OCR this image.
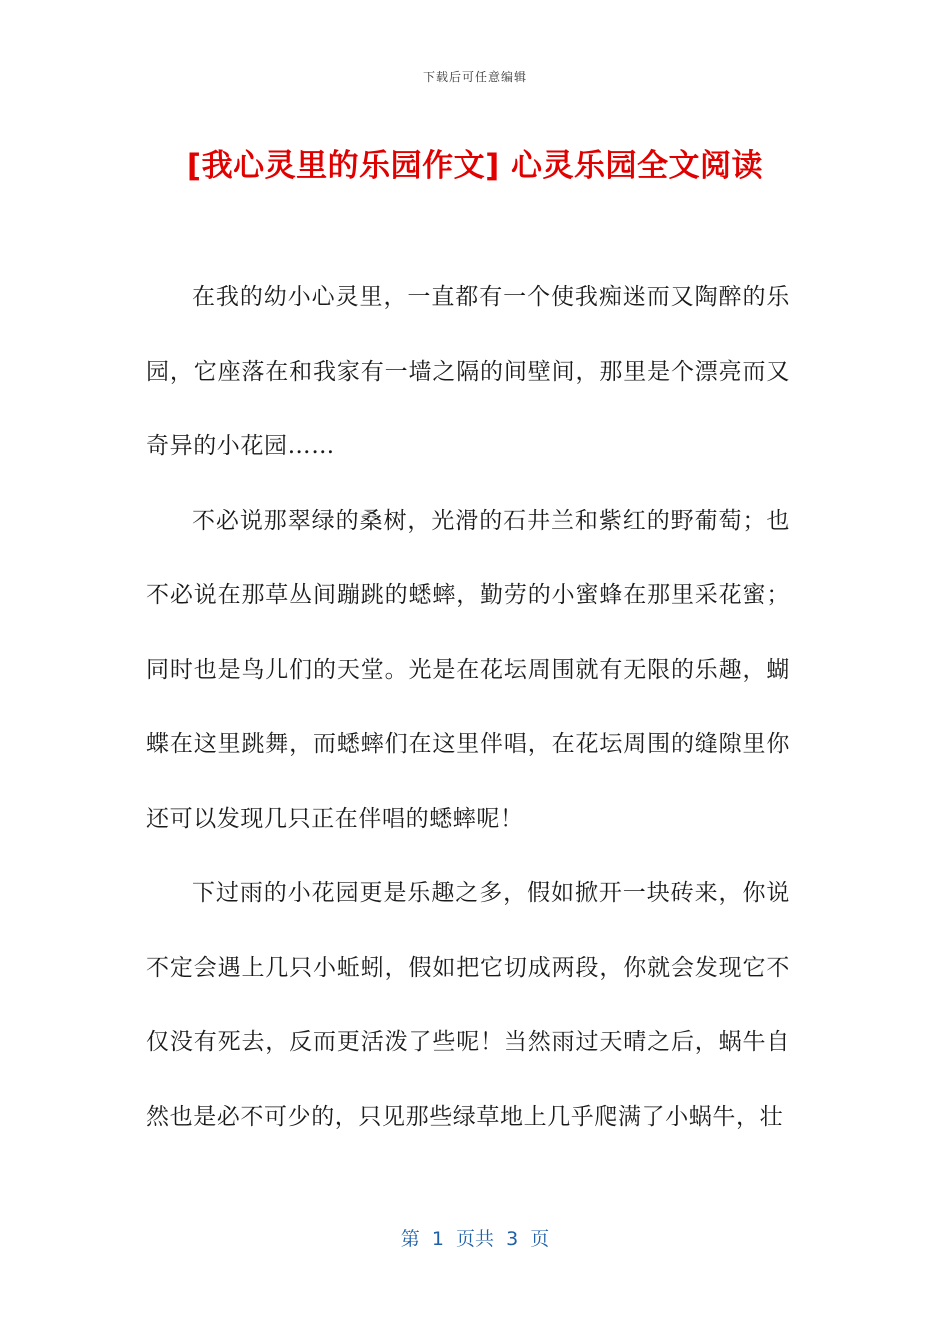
下载后可任意编辑
[我心灵里的乐园作文] 心灵乐园全文阅读

在我的幼小心灵里，一直都有一个使我痴迷而又陶醉的乐园，它座落在和我家有一墙之隔的间壁间，那里是个漂亮而又奇异的小花园……

不必说那翠绿的桑树，光滑的石井兰和紫红的野葡萄；也不必说在那草丛间蹦跳的蟋蟀，勤劳的小蜜蜂在那里采花蜜；同时也是鸟儿们的天堂。光是在花坛周围就有无限的乐趣，蝴蝶在这里跳舞，而蟋蟀们在这里伴唱，在花坛周围的缝隙里你还可以发现几只正在伴唱的蟋蟀呢！

下过雨的小花园更是乐趣之多，假如掀开一块砖来，你说不定会遇上几只小蚯蚓，假如把它切成两段，你就会发现它不仅没有死去，反而更活泼了些呢！当然雨过天晴之后，蜗牛自然也是必不可少的，只见那些绿草地上几乎爬满了小蜗牛，壮

第  1  页共  3  页
